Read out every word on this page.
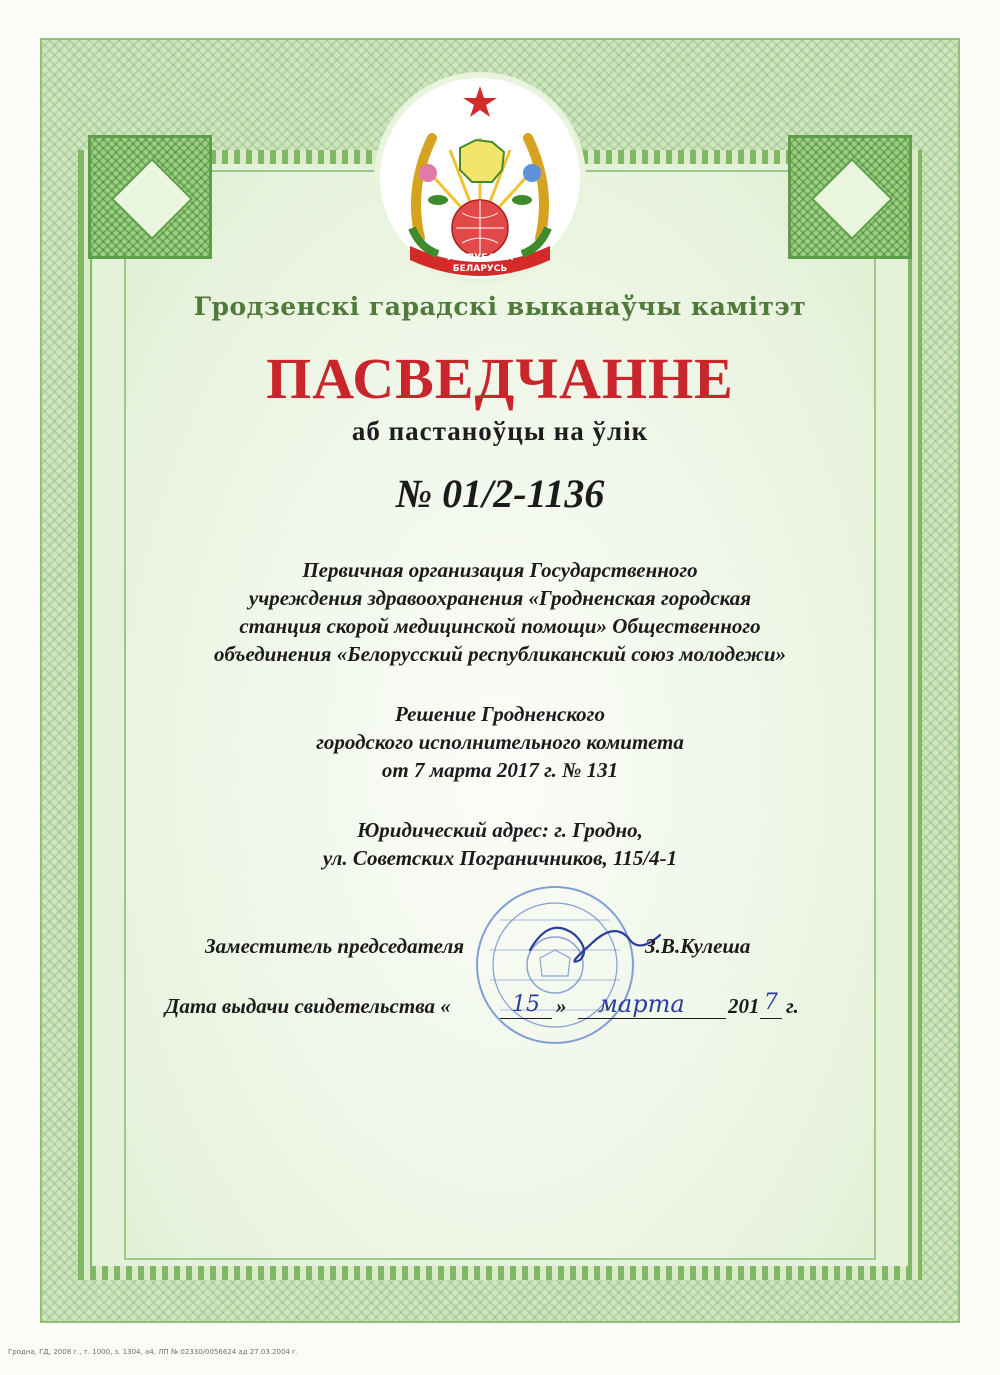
РЭСПУБЛІКА
БЕЛАРУСЬ
Гродзенскі гарадскі выканаўчы камітэт
ПАСВЕДЧАННЕ
аб пастаноўцы на ўлік
№ 01/2-1136
Первичная организация Государственного
учреждения здравоохранения «Гродненская городская
станция скорой медицинской помощи» Общественного
объединения «Белорусский республиканский союз молодежи»
Решение Гродненского
городского исполнительного комитета
от 7 марта 2017 г. № 131
Юридический адрес: г. Гродно,
ул. Советских Пограничников, 115/4-1
Заместитель председателя	З.В.Кулеша
Дата выдачи свидетельства «	15 » марта 201 7 г.
Гродна, ГД, 2008 г., т. 1000, з. 1304, а4, ЛП № 02330/0056624 ад 27.03.2004 г.
